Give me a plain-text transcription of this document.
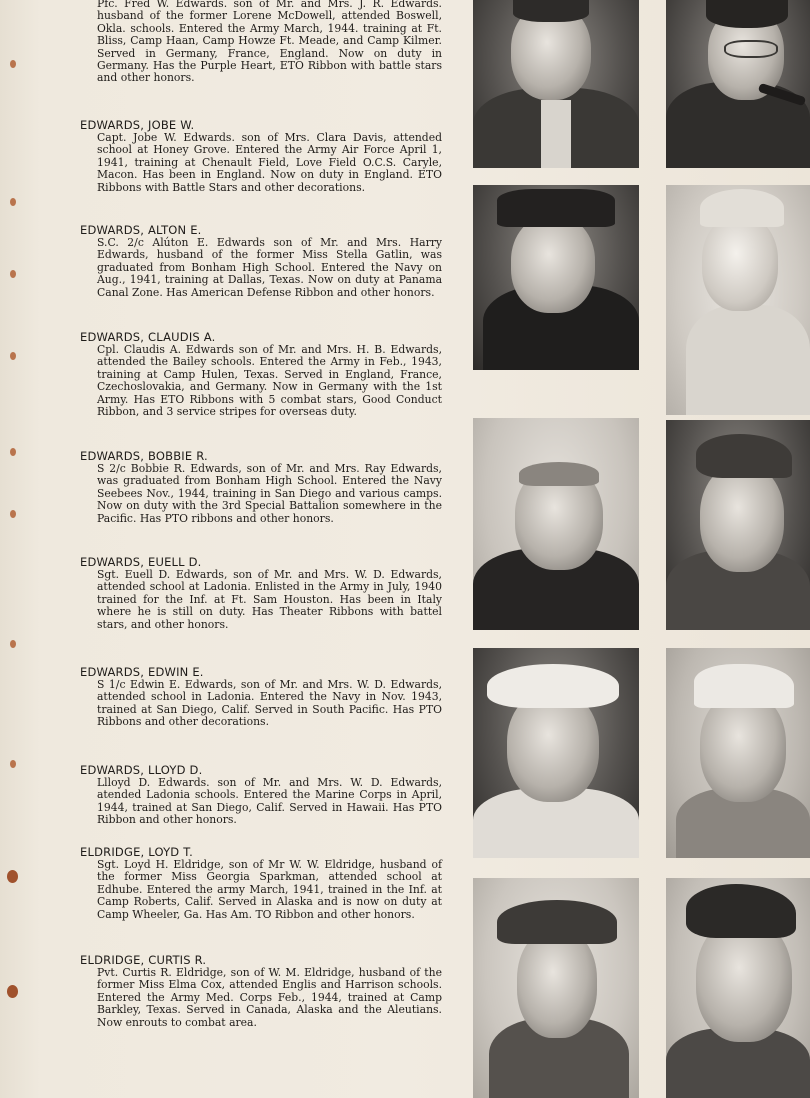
Pfc. Fred W. Edwards. son of Mr. and Mrs. J. R. Edwards. husband of the former Lorene McDowell, attended Boswell, Okla. schools. Entered the Army March, 1944. training at Ft. Bliss, Camp Haan, Camp Howze Ft. Meade, and Camp Kilmer. Served in Germany, France, England. Now on duty in Germany. Has the Purple Heart, ETO Ribbon with battle stars and other honors.

EDWARDS, JOBE W.

Capt. Jobe W. Edwards. son of Mrs. Clara Davis, attended school at Honey Grove. Entered the Army Air Force April 1, 1941, training at Chenault Field, Love Field O.C.S. Caryle, Macon. Has been in England. Now on duty in England. ETO Ribbons with Battle Stars and other decorations.

EDWARDS, ALTON E.

S.C. 2/c Alúton E. Edwards son of Mr. and Mrs. Harry Edwards, husband of the former Miss Stella Gatlin, was graduated from Bonham High School. Entered the Navy on Aug., 1941, training at Dallas, Texas. Now on duty at Panama Canal Zone. Has American Defense Ribbon and other honors.

EDWARDS, CLAUDIS A.

Cpl. Claudis A. Edwards son of Mr. and Mrs. H. B. Edwards, attended the Bailey schools. Entered the Army in Feb., 1943, training at Camp Hulen, Texas. Served in England, France, Czechoslovakia, and Germany. Now in Germany with the 1st Army. Has ETO Ribbons with 5 combat stars, Good Conduct Ribbon, and 3 service stripes for overseas duty.

EDWARDS, BOBBIE R.

S 2/c Bobbie R. Edwards, son of Mr. and Mrs. Ray Edwards, was graduated from Bonham High School. Entered the Navy Seebees Nov., 1944, training in San Diego and various camps. Now on duty with the 3rd Special Battalion somewhere in the Pacific. Has PTO ribbons and other honors.

EDWARDS, EUELL D.

Sgt. Euell D. Edwards, son of Mr. and Mrs. W. D. Edwards, attended school at Ladonia. Enlisted in the Army in July, 1940 trained for the Inf. at Ft. Sam Houston. Has been in Italy where he is still on duty. Has Theater Ribbons with battel stars, and other honors.

EDWARDS, EDWIN E.

S 1/c Edwin E. Edwards, son of Mr. and Mrs. W. D. Edwards, attended school in Ladonia. Entered the Navy in Nov. 1943, trained at San Diego, Calif. Served in South Pacific. Has PTO Ribbons and other decorations.

EDWARDS, LLOYD D.

Llloyd D. Edwards. son of Mr. and Mrs. W. D. Edwards, atended Ladonia schools. Entered the Marine Corps in April, 1944, trained at San Diego, Calif. Served in Hawaii. Has PTO Ribbon and other honors.

ELDRIDGE, LOYD T.

Sgt. Loyd H. Eldridge, son of Mr W. W. Eldridge, husband of the former Miss Georgia Sparkman, attended school at Edhube. Entered the army March, 1941, trained in the Inf. at Camp Roberts, Calif. Served in Alaska and is now on duty at Camp Wheeler, Ga. Has Am. TO Ribbon and other honors.

ELDRIDGE, CURTIS R.

Pvt. Curtis R. Eldridge, son of W. M. Eldridge, husband of the former Miss Elma Cox, attended Englis and Harrison schools. Entered the Army Med. Corps Feb., 1944, trained at Camp Barkley, Texas. Served in Canada, Alaska and the Aleutians. Now enrouts to combat area.
